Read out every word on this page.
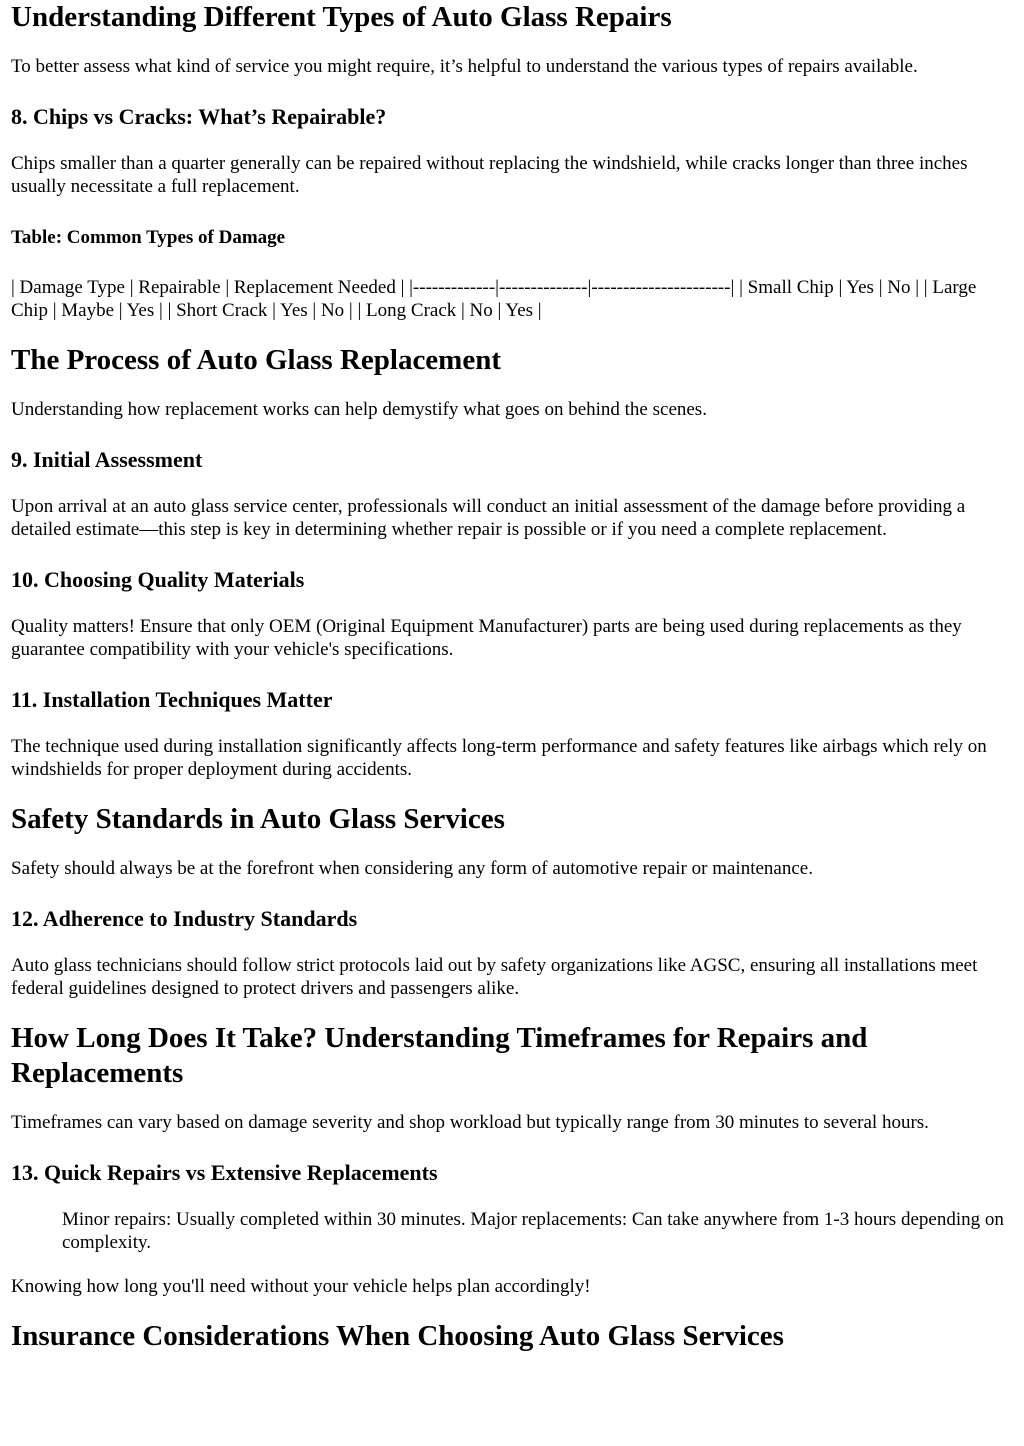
Understanding Different Types of Auto Glass Repairs

To better assess what kind of service you might require, it’s helpful to understand the various types of repairs available.

8. Chips vs Cracks: What’s Repairable?

Chips smaller than a quarter generally can be repaired without replacing the windshield, while cracks longer than three inches usually necessitate a full replacement.

Table: Common Types of Damage

| Damage Type | Repairable | Replacement Needed | |-------------|--------------|----------------------| | Small Chip | Yes | No | | Large Chip | Maybe | Yes | | Short Crack | Yes | No | | Long Crack | No | Yes |

The Process of Auto Glass Replacement

Understanding how replacement works can help demystify what goes on behind the scenes.

9. Initial Assessment

Upon arrival at an auto glass service center, professionals will conduct an initial assessment of the damage before providing a detailed estimate—this step is key in determining whether repair is possible or if you need a complete replacement.

10. Choosing Quality Materials

Quality matters! Ensure that only OEM (Original Equipment Manufacturer) parts are being used during replacements as they guarantee compatibility with your vehicle's specifications.

11. Installation Techniques Matter

The technique used during installation significantly affects long-term performance and safety features like airbags which rely on windshields for proper deployment during accidents.

Safety Standards in Auto Glass Services

Safety should always be at the forefront when considering any form of automotive repair or maintenance.

12. Adherence to Industry Standards

Auto glass technicians should follow strict protocols laid out by safety organizations like AGSC, ensuring all installations meet federal guidelines designed to protect drivers and passengers alike.

How Long Does It Take? Understanding Timeframes for Repairs and Replacements

Timeframes can vary based on damage severity and shop workload but typically range from 30 minutes to several hours.

13. Quick Repairs vs Extensive Replacements

Minor repairs: Usually completed within 30 minutes. Major replacements: Can take anywhere from 1-3 hours depending on complexity.

Knowing how long you'll need without your vehicle helps plan accordingly!

Insurance Considerations When Choosing Auto Glass Services
